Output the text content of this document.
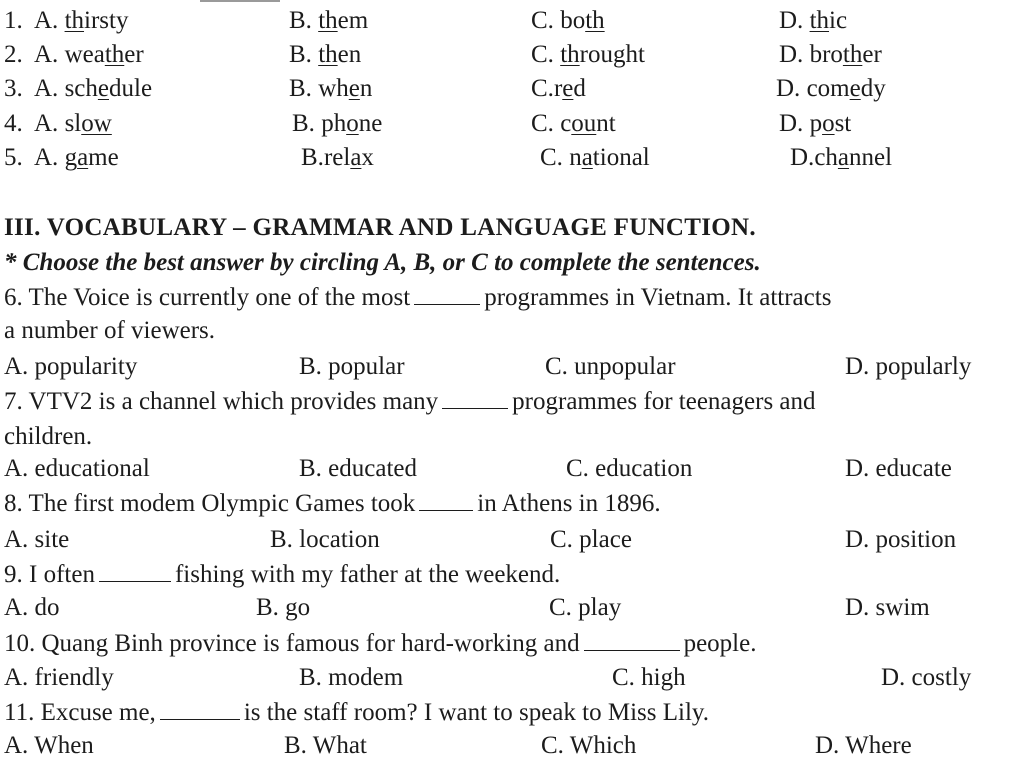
1. A. thirsty	B. them	C. both	D. thic
2. A. weather	B. then	C. throught	D. brother
3. A. schedule	B. when	C.red	D. comedy
4. A. slow	B. phone	C. count	D. post
5. A. game	B.relax	C. national	D.channel
III. VOCABULARY – GRAMMAR AND LANGUAGE FUNCTION.
* Choose the best answer by circling A, B, or C to complete the sentences.
6. The Voice is currently one of the most	programmes in Vietnam. It attracts
a number of viewers.
A. popularity	B. popular	C. unpopular	D. popularly
7. VTV2 is a channel which provides many	programmes for teenagers and
children.
A. educational	B. educated	C. education	D. educate
8. The first modem Olympic Games took in Athens in 1896.
A. site	B. location	C. place	D. position
9. I often	fishing with my father at the weekend.
A. do	B. go	C. play	D. swim
10. Quang Binh province is famous for hard-working and	people.
A. friendly	B. modem	C. high	D. costly
11. Excuse me,	is the staff room? I want to speak to Miss Lily.
A. When	B. What	C. Which	D. Where
